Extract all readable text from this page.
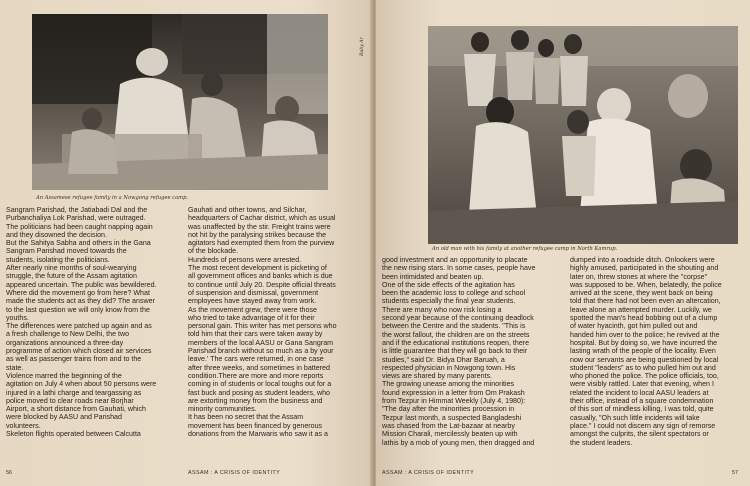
Raby Ar
An Assamese refugee family in a Nowgong refugee camp.
Sangram Parishad, the Jatiabadi Dal and the
Purbanchaliya Lok Parishad, were outraged.
The politicians had been caught napping again
and they disowned the decision.
But the Sahitya Sabha and others in the Gana
Sangram Parishad moved towards the
students, isolating the politicians.
After nearly nine months of soul-wearying
struggle, the future of the Assam agitation
appeared uncertain. The public was bewildered.
Where did the movement go from here? What
made the students act as they did? The answer
to the last question we will only know from the
youths.
The differences were patched up again and as
a fresh challenge to New Delhi, the two
organizations announced a three-day
programme of action which closed air services
as well as passenger trains from and to the
state.
Violence marred the beginning of the
agitation on July 4 when about 50 persons were
injured in a lathi charge and teargassing as
police moved to clear roads near Borjhar
Airport, a short distance from Gauhati, which
were blocked by AASU and Parishad
volunteers.
Skeleton flights operated between Calcutta
Gauhati and other towns, and Silchar,
headquarters of Cachar district, which as usual
was unaffected by the stir. Freight trains were
not hit by the paralysing strikes because the
agitators had exempted them from the purview
of the blockade.
Hundreds of persons were arrested.
The most recent development is picketing of
all government offices and banks which is due
to continue until July 20. Despite official threats
of suspension and dismissal, government
employees have stayed away from work.
As the movement grew, there were those
who tried to take advantage of it for their
personal gain. This writer has met persons who
told him that their cars were taken away by
members of the local AASU or Gana Sangram
Parishad branch without so much as a by your
leave.' The cars were returned, in one case
after three weeks, and sometimes in battered
condition.There are more and more reports
coming in of students or local toughs out for a
fast buck and posing as student leaders, who
are extorting money from the business and
minority communities.
It has been no secret that the Assam
movement has been financed by generous
donations from the Marwaris who saw it as a
56	ASSAM : A CRISIS OF IDENTITY
An old man with his family at another refugee camp in North Kamrup.
good investment and an opportunity to placate
the new rising stars. In some cases, people have
been intimidated and beaten up.
One of the side effects of the agitation has
been the academic loss to college and school
students especially the final year students.
There are many who now risk losing a
second year because of the continuing deadlock
between the Centre and the students. "This is
the worst fallout, the children are on the streets
and if the educational institutions reopen, there
is little guarantee that they will go back to their
studies," said Dr. Bidya Dhar Baruah, a
respected physician in Nowgong town. His
views are shared by many parents.
The growing unease among the minorities
found expression in a letter from Om Prakash
from Tezpur in Himmat Weekly (July 4, 1980):
"The day after the minorities procession in
Tezpur last month, a suspected Bangladeshi
was chased from the Lat-bazaar at nearby
Mission Charali, mercilessly beaten up with
lathis by a mob of young men, then dragged and
dumped into a roadside ditch. Onlookers were
highly amused, participated in the shouting and
later on, threw stones at where the "corpse"
was supposed to be. When, belatedly, the police
arrived at the scene, they went back on being
told that there had not been even an altercation,
leave alone an attempted murder. Luckily, we
spotted the man's head bobbing out of a clump
of water hyacinth, got him pulled out and
handed him over to the police; he revived at the
hospital. But by doing so, we have incurred the
lasting wrath of the people of the locality. Even
now our servants are being questioned by local
student "leaders" as to who pulled him out and
who phoned the police. The police officials, too,
were visibly rattled. Later that evening, when I
related the incident to local AASU leaders at
their office, instead of a square condemnation
of this sort of mindless killing, I was told, quite
casually, "Oh such little incidents will take
place." I could not discern any sign of remorse
amongst the culprits, the silent spectators or
the student leaders.
ASSAM : A CRISIS OF IDENTITY	57
